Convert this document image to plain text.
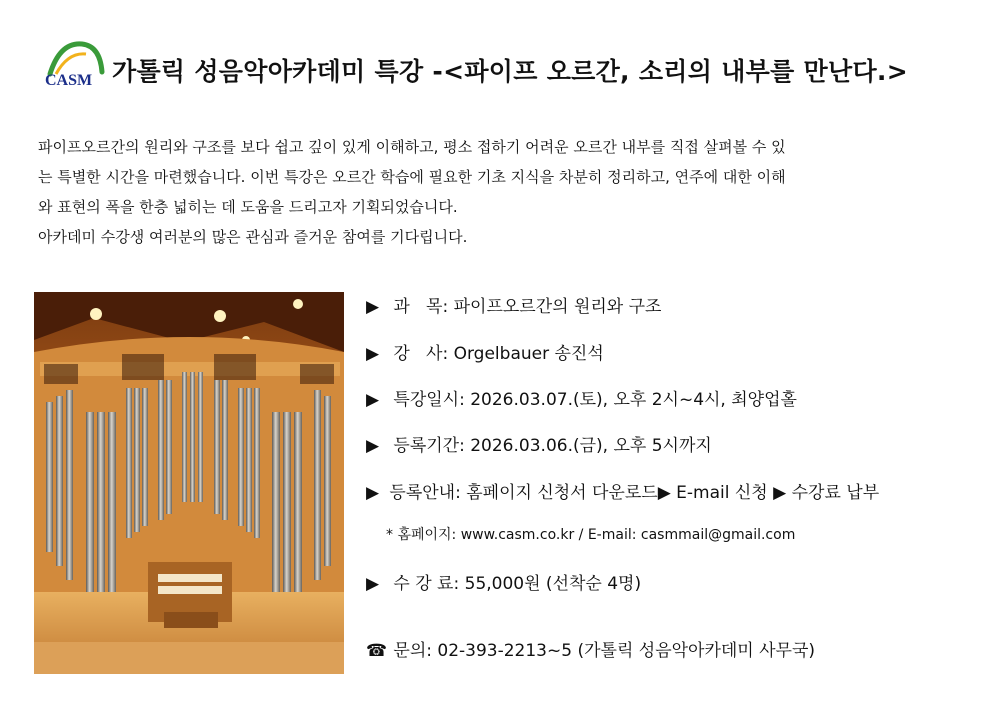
CASM 가톨릭 성음악아카데미 특강 -<파이프 오르간, 소리의 내부를 만난다.>

파이프오르간의 원리와 구조를 보다 쉽고 깊이 있게 이해하고, 평소 접하기 어려운 오르간 내부를 직접 살펴볼 수 있

는 특별한 시간을 마련했습니다. 이번 특강은 오르간 학습에 필요한 기초 지식을 차분히 정리하고, 연주에 대한 이해

와 표현의 폭을 한층 넓히는 데 도움을 드리고자 기획되었습니다.

아카데미 수강생 여러분의 많은 관심과 즐거운 참여를 기다립니다.

▶ 과   목: 파이프오르간의 원리와 구조
▶ 강   사: Orgelbauer 송진석
▶ 특강일시: 2026.03.07.(토), 오후 2시~4시, 최양업홀
▶ 등록기간: 2026.03.06.(금), 오후 5시까지
▶ 등록안내: 홈페이지 신청서 다운로드▶ E-mail 신청 ▶ 수강료 납부
* 홈페이지: www.casm.co.kr / E-mail: casmmail@gmail.com
▶ 수 강 료: 55,000원 (선착순 4명)
☎ 문의: 02-393-2213~5 (가톨릭 성음악아카데미 사무국)
